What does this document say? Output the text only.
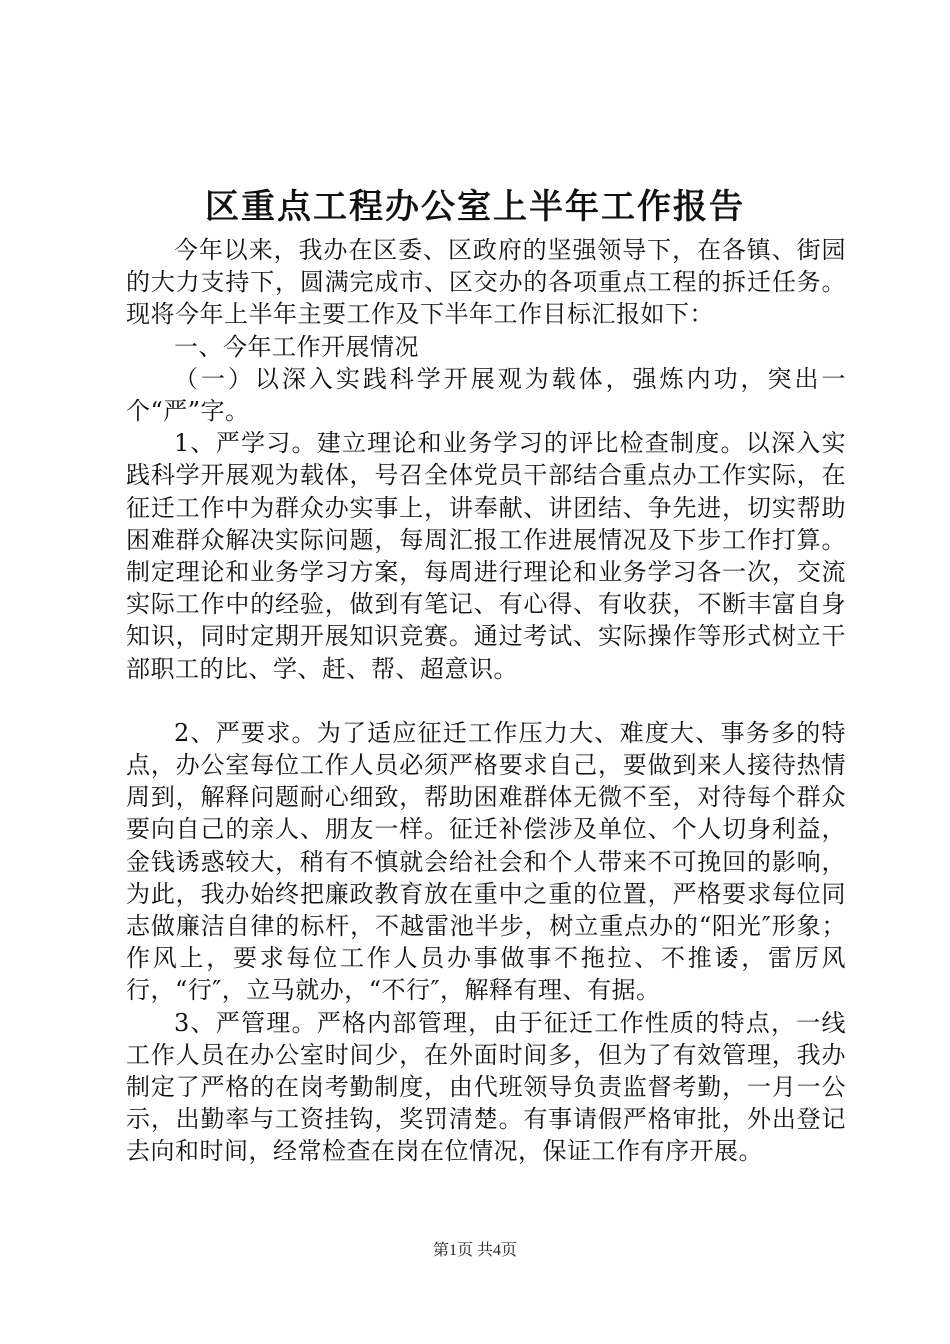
区重点工程办公室上半年工作报告

今年以来，我办在区委、区政府的坚强领导下，在各镇、街园的大力支持下，圆满完成市、区交办的各项重点工程的拆迁任务。现将今年上半年主要工作及下半年工作目标汇报如下：

一、今年工作开展情况

（一）以深入实践科学开展观为载体，强炼内功，突出一个“严”字。

1、严学习。建立理论和业务学习的评比检查制度。以深入实践科学开展观为载体，号召全体党员干部结合重点办工作实际，在征迁工作中为群众办实事上，讲奉献、讲团结、争先进，切实帮助困难群众解决实际问题，每周汇报工作进展情况及下步工作打算。制定理论和业务学习方案，每周进行理论和业务学习各一次，交流实际工作中的经验，做到有笔记、有心得、有收获，不断丰富自身知识，同时定期开展知识竞赛。通过考试、实际操作等形式树立干部职工的比、学、赶、帮、超意识。

2、严要求。为了适应征迁工作压力大、难度大、事务多的特点，办公室每位工作人员必须严格要求自己，要做到来人接待热情周到，解释问题耐心细致，帮助困难群体无微不至，对待每个群众要向自己的亲人、朋友一样。征迁补偿涉及单位、个人切身利益，金钱诱惑较大，稍有不慎就会给社会和个人带来不可挽回的影响，为此，我办始终把廉政教育放在重中之重的位置，严格要求每位同志做廉洁自律的标杆，不越雷池半步，树立重点办的“阳光″形象；作风上，要求每位工作人员办事做事不拖拉、不推诿，雷厉风行，“行″，立马就办，“不行″，解释有理、有据。

3、严管理。严格内部管理，由于征迁工作性质的特点，一线工作人员在办公室时间少，在外面时间多，但为了有效管理，我办制定了严格的在岗考勤制度，由代班领导负责监督考勤，一月一公示，出勤率与工资挂钩，奖罚清楚。有事请假严格审批，外出登记去向和时间，经常检查在岗在位情况，保证工作有序开展。

第1页 共4页
